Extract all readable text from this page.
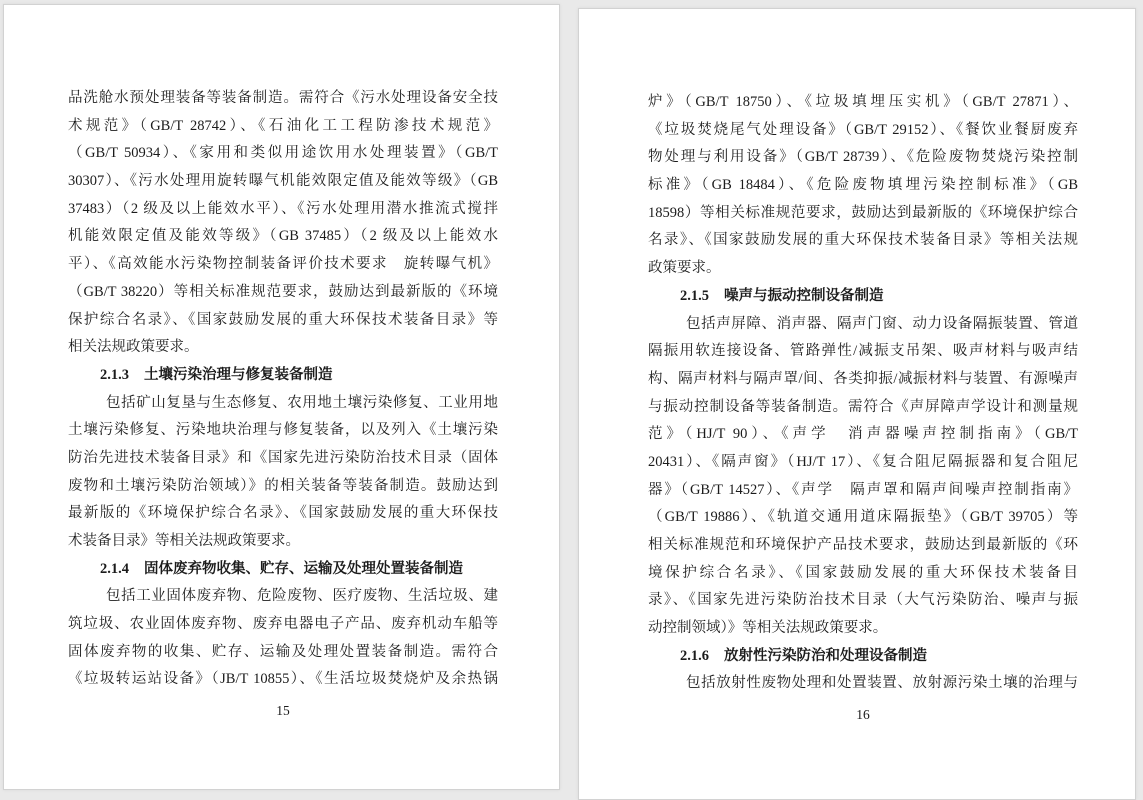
品洗舱水预处理装备等装备制造。需符合《污水处理设备安全技
术规范》（GB/T 28742）、《石油化工工程防渗技术规范》
（GB/T 50934）、《家用和类似用途饮用水处理装置》（GB/T
30307）、《污水处理用旋转曝气机能效限定值及能效等级》（GB
37483）（2 级及以上能效水平）、《污水处理用潜水推流式搅拌
机能效限定值及能效等级》（GB 37485）（2 级及以上能效水
平）、《高效能水污染物控制装备评价技术要求　旋转曝气机》
（GB/T 38220）等相关标准规范要求，鼓励达到最新版的《环境
保护综合名录》、《国家鼓励发展的重大环保技术装备目录》等
相关法规政策要求。
2.1.3 土壤污染治理与修复装备制造
包括矿山复垦与生态修复、农用地土壤污染修复、工业用地
土壤污染修复、污染地块治理与修复装备，以及列入《土壤污染
防治先进技术装备目录》和《国家先进污染防治技术目录（固体
废物和土壤污染防治领域）》的相关装备等装备制造。鼓励达到
最新版的《环境保护综合名录》、《国家鼓励发展的重大环保技
术装备目录》等相关法规政策要求。
2.1.4 固体废弃物收集、贮存、运输及处理处置装备制造
包括工业固体废弃物、危险废物、医疗废物、生活垃圾、建
筑垃圾、农业固体废弃物、废弃电器电子产品、废弃机动车船等
固体废弃物的收集、贮存、运输及处理处置装备制造。需符合
《垃圾转运站设备》（JB/T 10855）、《生活垃圾焚烧炉及余热锅
15
炉》（GB/T 18750）、《垃圾填埋压实机》（GB/T 27871）、
《垃圾焚烧尾气处理设备》（GB/T 29152）、《餐饮业餐厨废弃
物处理与利用设备》（GB/T 28739）、《危险废物焚烧污染控制
标准》（GB 18484）、《危险废物填埋污染控制标准》（GB
18598）等相关标准规范要求，鼓励达到最新版的《环境保护综合
名录》、《国家鼓励发展的重大环保技术装备目录》等相关法规
政策要求。
2.1.5 噪声与振动控制设备制造
包括声屏障、消声器、隔声门窗、动力设备隔振装置、管道
隔振用软连接设备、管路弹性/减振支吊架、吸声材料与吸声结
构、隔声材料与隔声罩/间、各类抑振/减振材料与装置、有源噪声
与振动控制设备等装备制造。需符合《声屏障声学设计和测量规
范》（HJ/T 90）、《声学　消声器噪声控制指南》（GB/T
20431）、《隔声窗》（HJ/T 17）、《复合阻尼隔振器和复合阻尼
器》（GB/T 14527）、《声学　隔声罩和隔声间噪声控制指南》
（GB/T 19886）、《轨道交通用道床隔振垫》（GB/T 39705）等
相关标准规范和环境保护产品技术要求，鼓励达到最新版的《环
境保护综合名录》、《国家鼓励发展的重大环保技术装备目
录》、《国家先进污染防治技术目录（大气污染防治、噪声与振
动控制领域）》等相关法规政策要求。
2.1.6 放射性污染防治和处理设备制造
包括放射性废物处理和处置装置、放射源污染土壤的治理与
16
